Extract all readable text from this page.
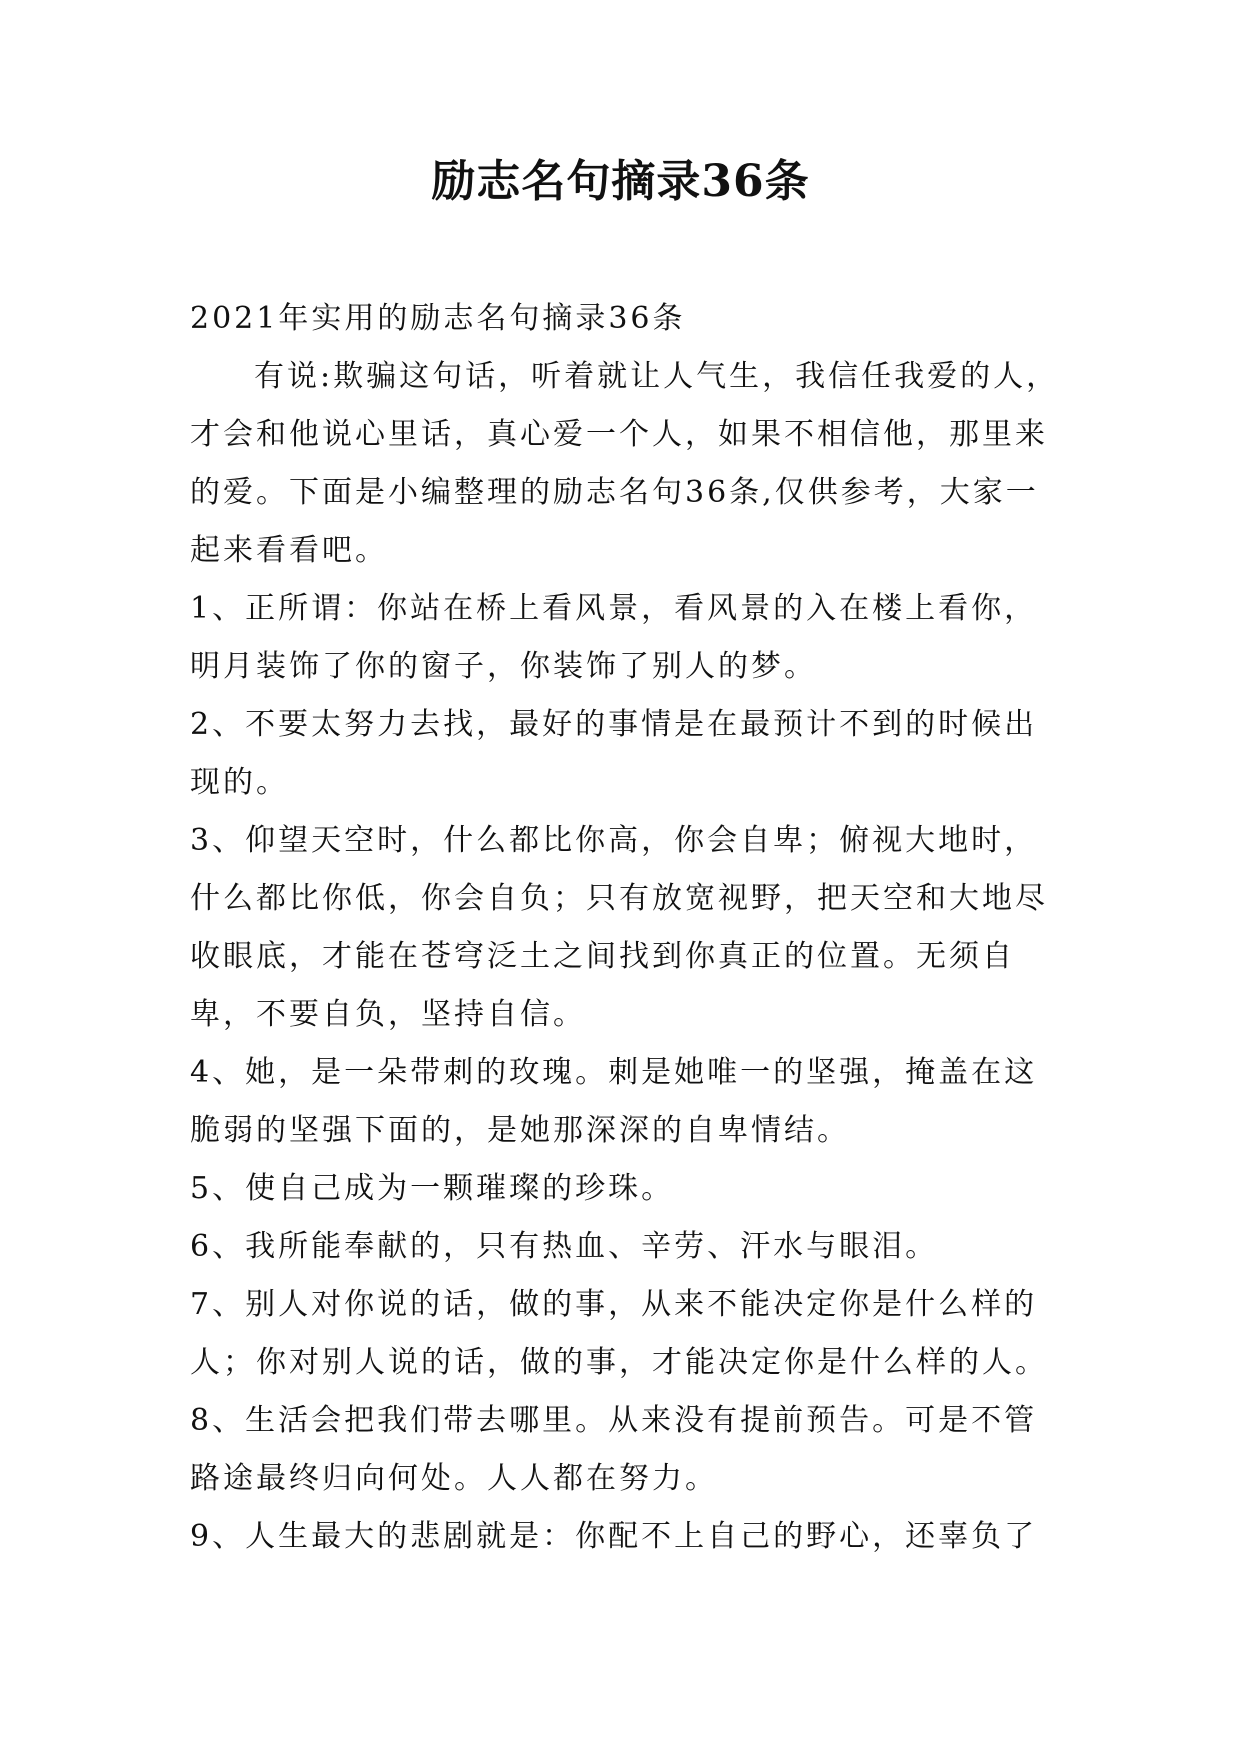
励志名句摘录36条

2021年实用的励志名句摘录36条

有说:欺骗这句话，听着就让人气生，我信任我爱的人，才会和他说心里话，真心爱一个人，如果不相信他，那里来的爱。下面是小编整理的励志名句36条,仅供参考，大家一起来看看吧。

1、正所谓：你站在桥上看风景，看风景的入在楼上看你，明月装饰了你的窗子，你装饰了别人的梦。

2、不要太努力去找，最好的事情是在最预计不到的时候出现的。

3、仰望天空时，什么都比你高，你会自卑；俯视大地时，什么都比你低，你会自负；只有放宽视野，把天空和大地尽收眼底，才能在苍穹泛土之间找到你真正的位置。无须自卑，不要自负，坚持自信。

4、她，是一朵带刺的玫瑰。刺是她唯一的坚强，掩盖在这脆弱的坚强下面的，是她那深深的自卑情结。

5、使自己成为一颗璀璨的珍珠。

6、我所能奉献的，只有热血、辛劳、汗水与眼泪。

7、别人对你说的话，做的事，从来不能决定你是什么样的人；你对别人说的话，做的事，才能决定你是什么样的人。

8、生活会把我们带去哪里。从来没有提前预告。可是不管路途最终归向何处。人人都在努力。

9、人生最大的悲剧就是：你配不上自己的野心，还辜负了
